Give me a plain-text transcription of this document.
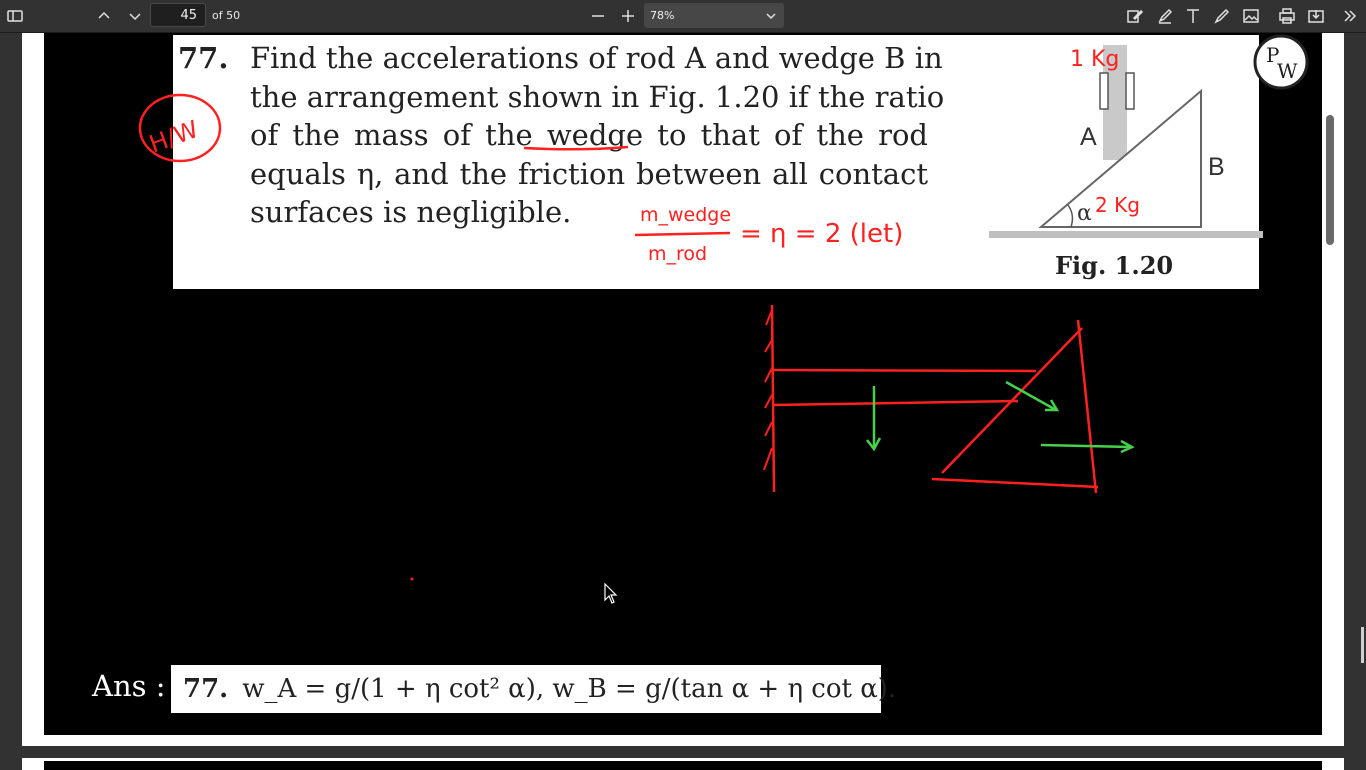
45
of 50	78%
77. Find the accelerations of rod A and wedge B in
the arrangement shown in Fig. 1.20 if the ratio
of the mass of the wedge to that of the rod
equals η, and the friction between all contact
surfaces is negligible.
A
B
α
Fig. 1.20
Ans : 77. w_A = g/(1 + η cot² α), w_B = g/(tan α + η cot α).
P
W
H/W
1 Kg
2 Kg
m_wedge
m_rod
= η = 2 (let)
